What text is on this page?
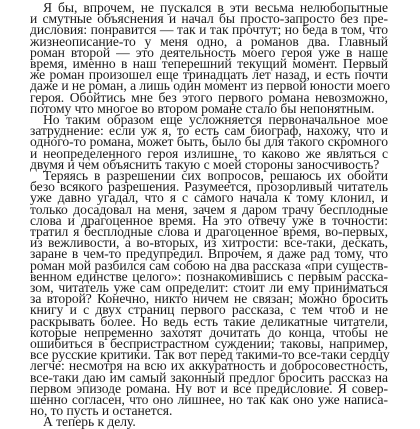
Я бы, впрочем, не пускался в эти весьма нелюбопытные
и смутные объяснения и начал бы просто-запросто без пре-
дисловия: понравится — так и так прочтут; но беда в том, что
жизнеописание-то у меня одно, а романов два. Главный
роман второй — это деятельность моего героя уже в наше
время, именно в наш теперешний текущий момент. Первый
же роман произошел еще тринадцать лет назад, и есть почти
даже и не роман, а лишь один момент из первой юности моего
героя. Обойтись мне без этого первого романа невозможно,
потому что многое во втором романе стало бы непонятным.
Но таким образом еще усложняется первоначальное мое
затруднение: если уж я, то есть сам биограф, нахожу, что и
одного-то романа, может быть, было бы для такого скромного
и неопределенного героя излишне, то каково же являться с
двумя и чем объяснить такую с моей стороны заносчивость?
Теряясь в разрешении сих вопросов, решаюсь их обойти
безо всякого разрешения. Разумеется, прозорливый читатель
уже давно угадал, что я с самого начала к тому клонил, и
только досадовал на меня, зачем я даром трачу бесплодные
слова и драгоценное время. На это отвечу уже в точности:
тратил я бесплодные слова и драгоценное время, во-первых,
из вежливости, а во-вторых, из хитрости: все-таки, дескать,
заране в чем-то предупредил. Впрочем, я даже рад тому, что
роман мой разбился сам собою на два рассказа «при существ-
венном единстве целого»: познакомившись с первым расска-
зом, читатель уже сам определит: стоит ли ему приниматься
за второй? Конечно, никто ничем не связан; можно бросить
книгу и с двух страниц первого рассказа, с тем чтоб и не
раскрывать более. Но ведь есть такие деликатные читатели,
которые непременно захотят дочитать до конца, чтобы не
ошибиться в беспристрастном суждении; таковы, например,
все русские критики. Так вот перед такими-то все-таки сердцу
легче: несмотря на всю их аккуратность и добросовестность,
все-таки даю им самый законный предлог бросить рассказ на
первом эпизоде романа. Ну вот и все предисловие. Я совер-
шенно согласен, что оно лишнее, но так как оно уже написа-
но, то пусть и останется.
А теперь к делу.
